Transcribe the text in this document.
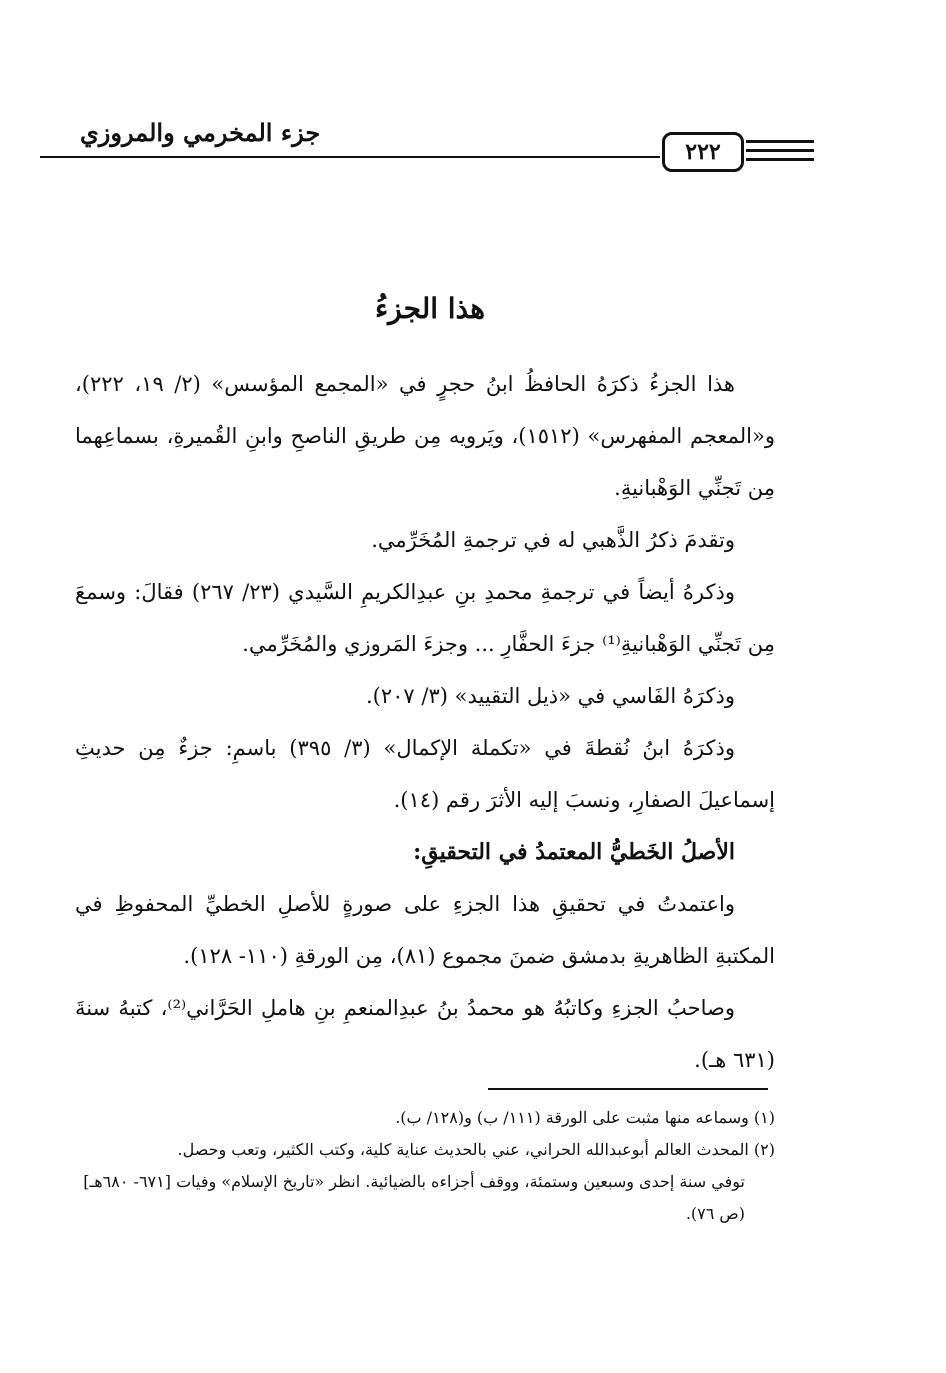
جزء المخرمي والمروزي
٢٢٢
هذا الجزءُ

هذا الجزءُ ذكرَهُ الحافظُ ابنُ حجرٍ في «المجمع المؤسس» (٢/ ١٩، ٢٢٢)، و«المعجم المفهرس» (١٥١٢)، ويَرويه مِن طريقِ الناصحِ وابنِ القُميرةِ، بسماعِهما مِن تَجنِّي الوَهْبانيةِ.

وتقدمَ ذكرُ الذَّهبي له في ترجمةِ المُخَرِّمي.

وذكرهُ أيضاً في ترجمةِ محمدِ بنِ عبدِالكريمِ السَّيدي (٢٣/ ٢٦٧) فقالَ: وسمعَ مِن تَجنِّي الوَهْبانيةِ⁽¹⁾ جزءَ الحفَّارِ ... وجزءَ المَروزي والمُخَرِّمي.

وذكرَهُ الفَاسي في «ذيل التقييد» (٣/ ٢٠٧).

وذكرَهُ ابنُ نُقطةَ في «تكملة الإكمال» (٣/ ٣٩٥) باسمِ: جزءٌ مِن حديثِ إسماعيلَ الصفارِ، ونسبَ إليه الأثرَ رقم (١٤).

الأصلُ الخَطيُّ المعتمدُ في التحقيقِ:

واعتمدتُ في تحقيقِ هذا الجزءِ على صورةٍ للأصلِ الخطيِّ المحفوظِ في المكتبةِ الظاهريةِ بدمشق ضمنَ مجموع (٨١)، مِن الورقةِ (١١٠- ١٢٨).

وصاحبُ الجزءِ وكاتبُهُ هو محمدُ بنُ عبدِالمنعمِ بنِ هاملِ الحَرَّاني⁽²⁾، كتبهُ سنةَ (٦٣١ هـ).

(١) وسماعه منها مثبت على الورقة (١١١/ ب) و(١٢٨/ ب).

(٢) المحدث العالم أبوعبدالله الحراني، عني بالحديث عناية كلية، وكتب الكثير، وتعب وحصل.

توفي سنة إحدى وسبعين وستمئة، ووقف أجزاءه بالضيائية. انظر «تاريخ الإسلام» وفيات [٦٧١- ٦٨٠هـ] (ص ٧٦).
